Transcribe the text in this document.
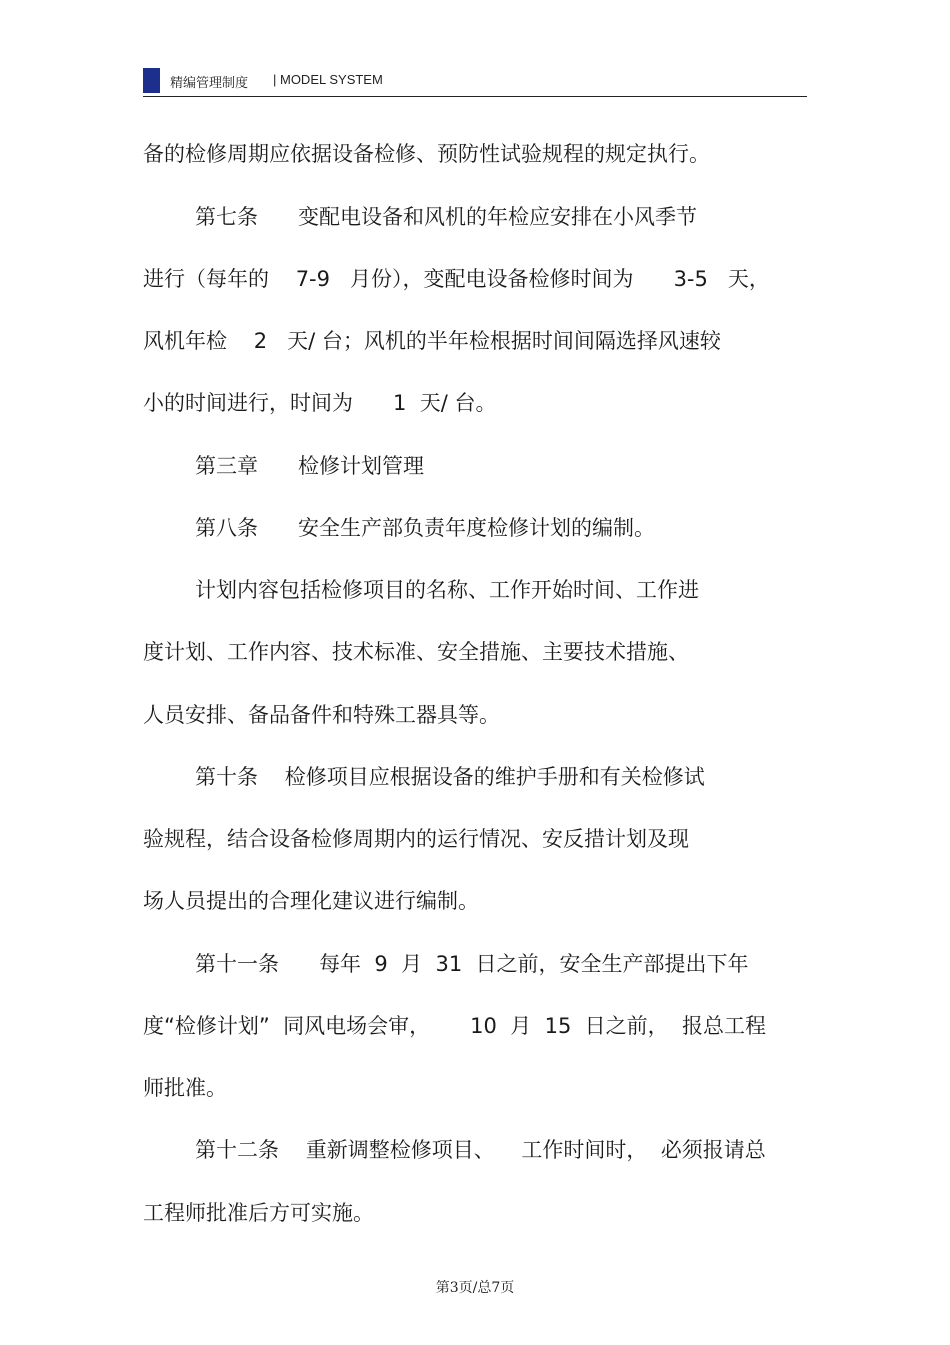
精编管理制度 | MODEL SYSTEM
备的检修周期应依据设备检修、预防性试验规程的规定执行。
第七条      变配电设备和风机的年检应安排在小风季节
进行（每年的    7-9   月份），变配电设备检修时间为      3-5   天，
风机年检    2   天/ 台；风机的半年检根据时间间隔选择风速较
小的时间进行，时间为      1  天/ 台。
第三章      检修计划管理
第八条      安全生产部负责年度检修计划的编制。
计划内容包括检修项目的名称、工作开始时间、工作进
度计划、工作内容、技术标准、安全措施、主要技术措施、
人员安排、备品备件和特殊工器具等。
第十条    检修项目应根据设备的维护手册和有关检修试
验规程，结合设备检修周期内的运行情况、安反措计划及现
场人员提出的合理化建议进行编制。
第十一条      每年  9  月  31  日之前，安全生产部提出下年
度“检修计划”  同风电场会审，      10  月  15  日之前，  报总工程
师批准。
第十二条    重新调整检修项目、    工作时间时，  必须报请总
工程师批准后方可实施。
第3页/总7页
